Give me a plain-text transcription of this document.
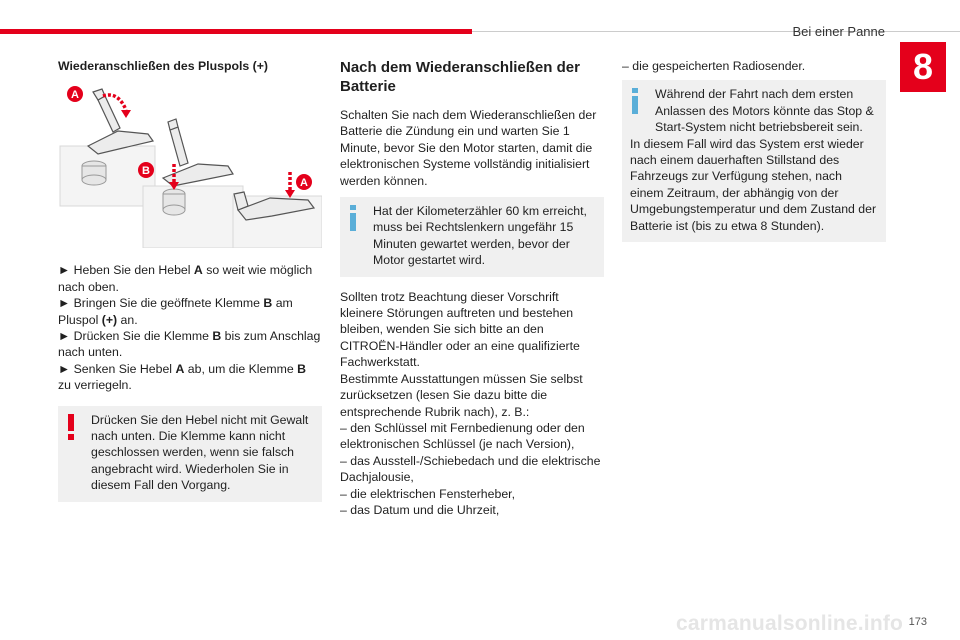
Bei einer Panne
8
173
carmanualsonline.info
Wiederanschließen des Pluspols (+)
A
B
A

► Heben Sie den Hebel A so weit wie möglich nach oben.

► Bringen Sie die geöffnete Klemme B am Pluspol (+) an.

► Drücken Sie die Klemme B bis zum Anschlag nach unten.

► Senken Sie Hebel A ab, um die Klemme B zu verriegeln.

Drücken Sie den Hebel nicht mit Gewalt nach unten. Die Klemme kann nicht geschlossen werden, wenn sie falsch angebracht wird. Wiederholen Sie in diesem Fall den Vorgang.

Nach dem Wiederanschließen der Batterie

Schalten Sie nach dem Wiederanschließen der Batterie die Zündung ein und warten Sie 1 Minute, bevor Sie den Motor starten, damit die elektronischen Systeme vollständig initialisiert werden können.

Hat der Kilometerzähler 60 km erreicht, muss bei Rechtslenkern ungefähr 15 Minuten gewartet werden, bevor der Motor gestartet wird.

Sollten trotz Beachtung dieser Vorschrift kleinere Störungen auftreten und bestehen bleiben, wenden Sie sich bitte an den CITROËN-Händler oder an eine qualifizierte Fachwerkstatt.

Bestimmte Ausstattungen müssen Sie selbst zurücksetzen (lesen Sie dazu bitte die entsprechende Rubrik nach), z. B.:

– den Schlüssel mit Fernbedienung oder den elektronischen Schlüssel (je nach Version),

– das Ausstell-/Schiebedach und die elektrische Dachjalousie,

– die elektrischen Fensterheber,

– das Datum und die Uhrzeit,

– die gespeicherten Radiosender.

Während der Fahrt nach dem ersten Anlassen des Motors könnte das Stop & Start-System nicht betriebsbereit sein.

In diesem Fall wird das System erst wieder nach einem dauerhaften Stillstand des Fahrzeugs zur Verfügung stehen, nach einem Zeitraum, der abhängig von der Umgebungstemperatur und dem Zustand der Batterie ist (bis zu etwa 8 Stunden).
